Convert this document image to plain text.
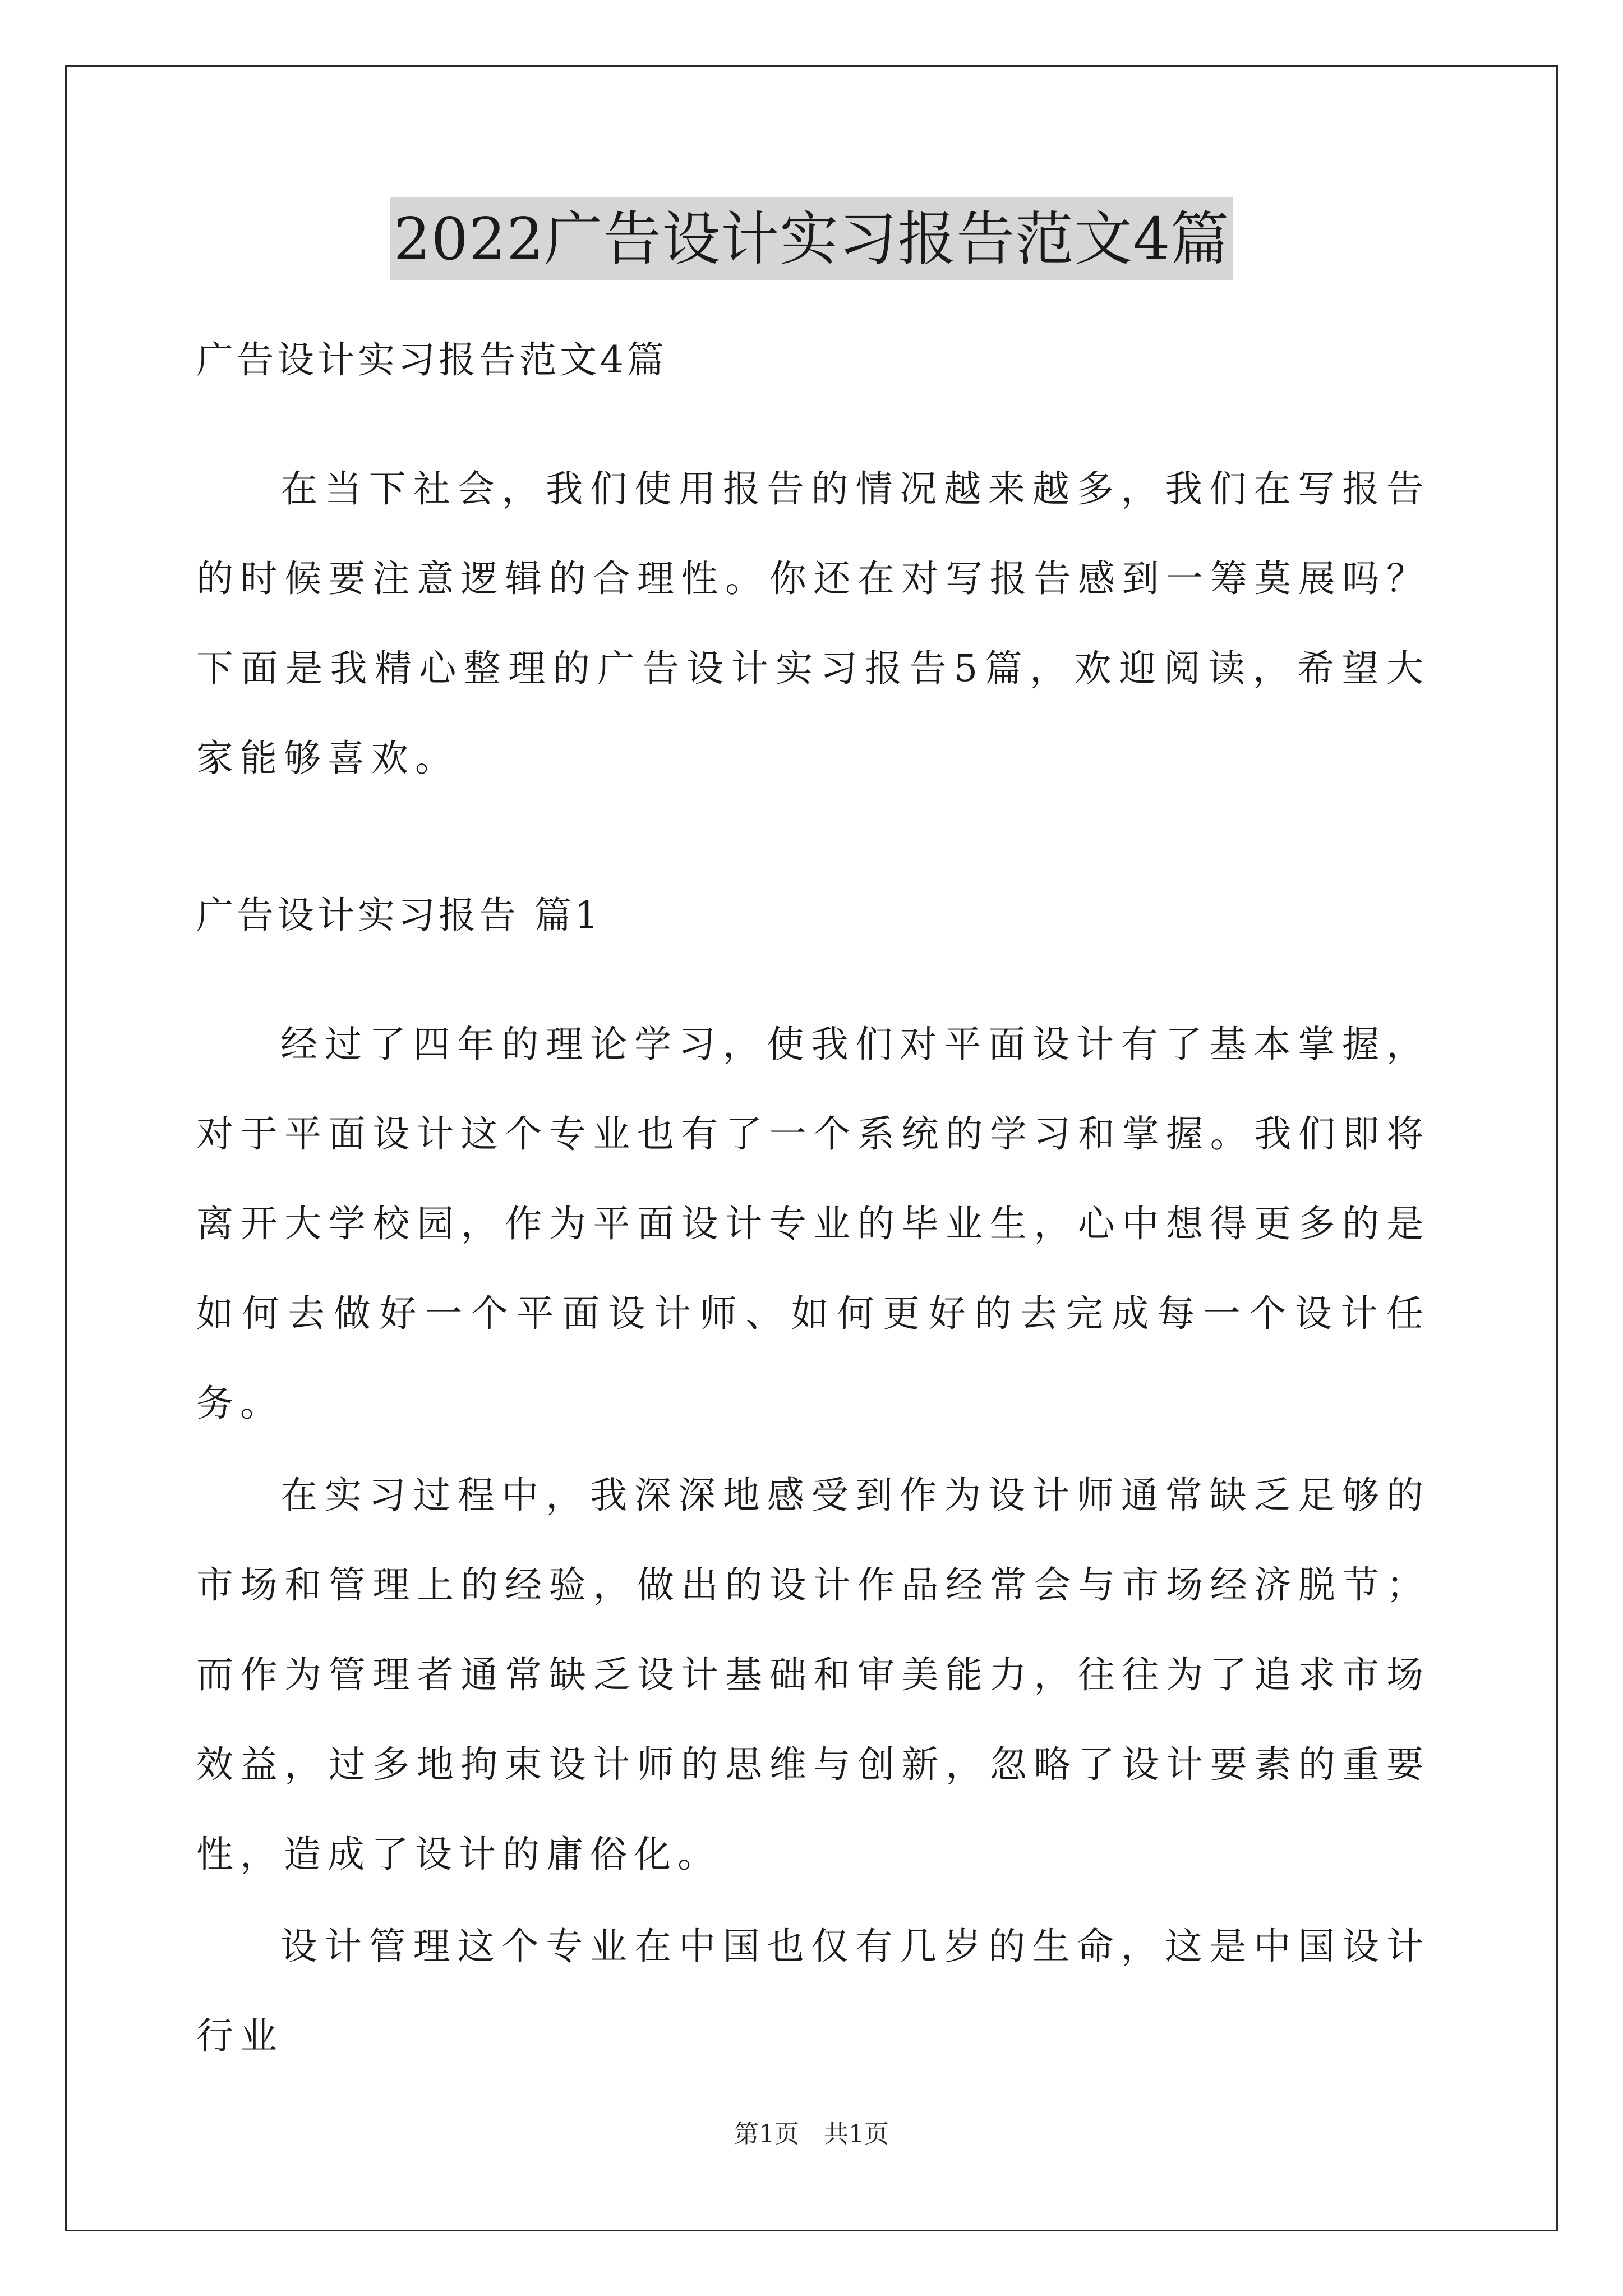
2022广告设计实习报告范文4篇

广告设计实习报告范文4篇

在当下社会，我们使用报告的情况越来越多，我们在写报告的时候要注意逻辑的合理性。你还在对写报告感到一筹莫展吗？下面是我精心整理的广告设计实习报告5篇，欢迎阅读，希望大家能够喜欢。

广告设计实习报告 篇1

经过了四年的理论学习，使我们对平面设计有了基本掌握，对于平面设计这个专业也有了一个系统的学习和掌握。我们即将离开大学校园，作为平面设计专业的毕业生，心中想得更多的是如何去做好一个平面设计师、如何更好的去完成每一个设计任务。

在实习过程中，我深深地感受到作为设计师通常缺乏足够的市场和管理上的经验，做出的设计作品经常会与市场经济脱节；而作为管理者通常缺乏设计基础和审美能力，往往为了追求市场效益，过多地拘束设计师的思维与创新，忽略了设计要素的重要性，造成了设计的庸俗化。

设计管理这个专业在中国也仅有几岁的生命，这是中国设计行业

第1页　共1页
